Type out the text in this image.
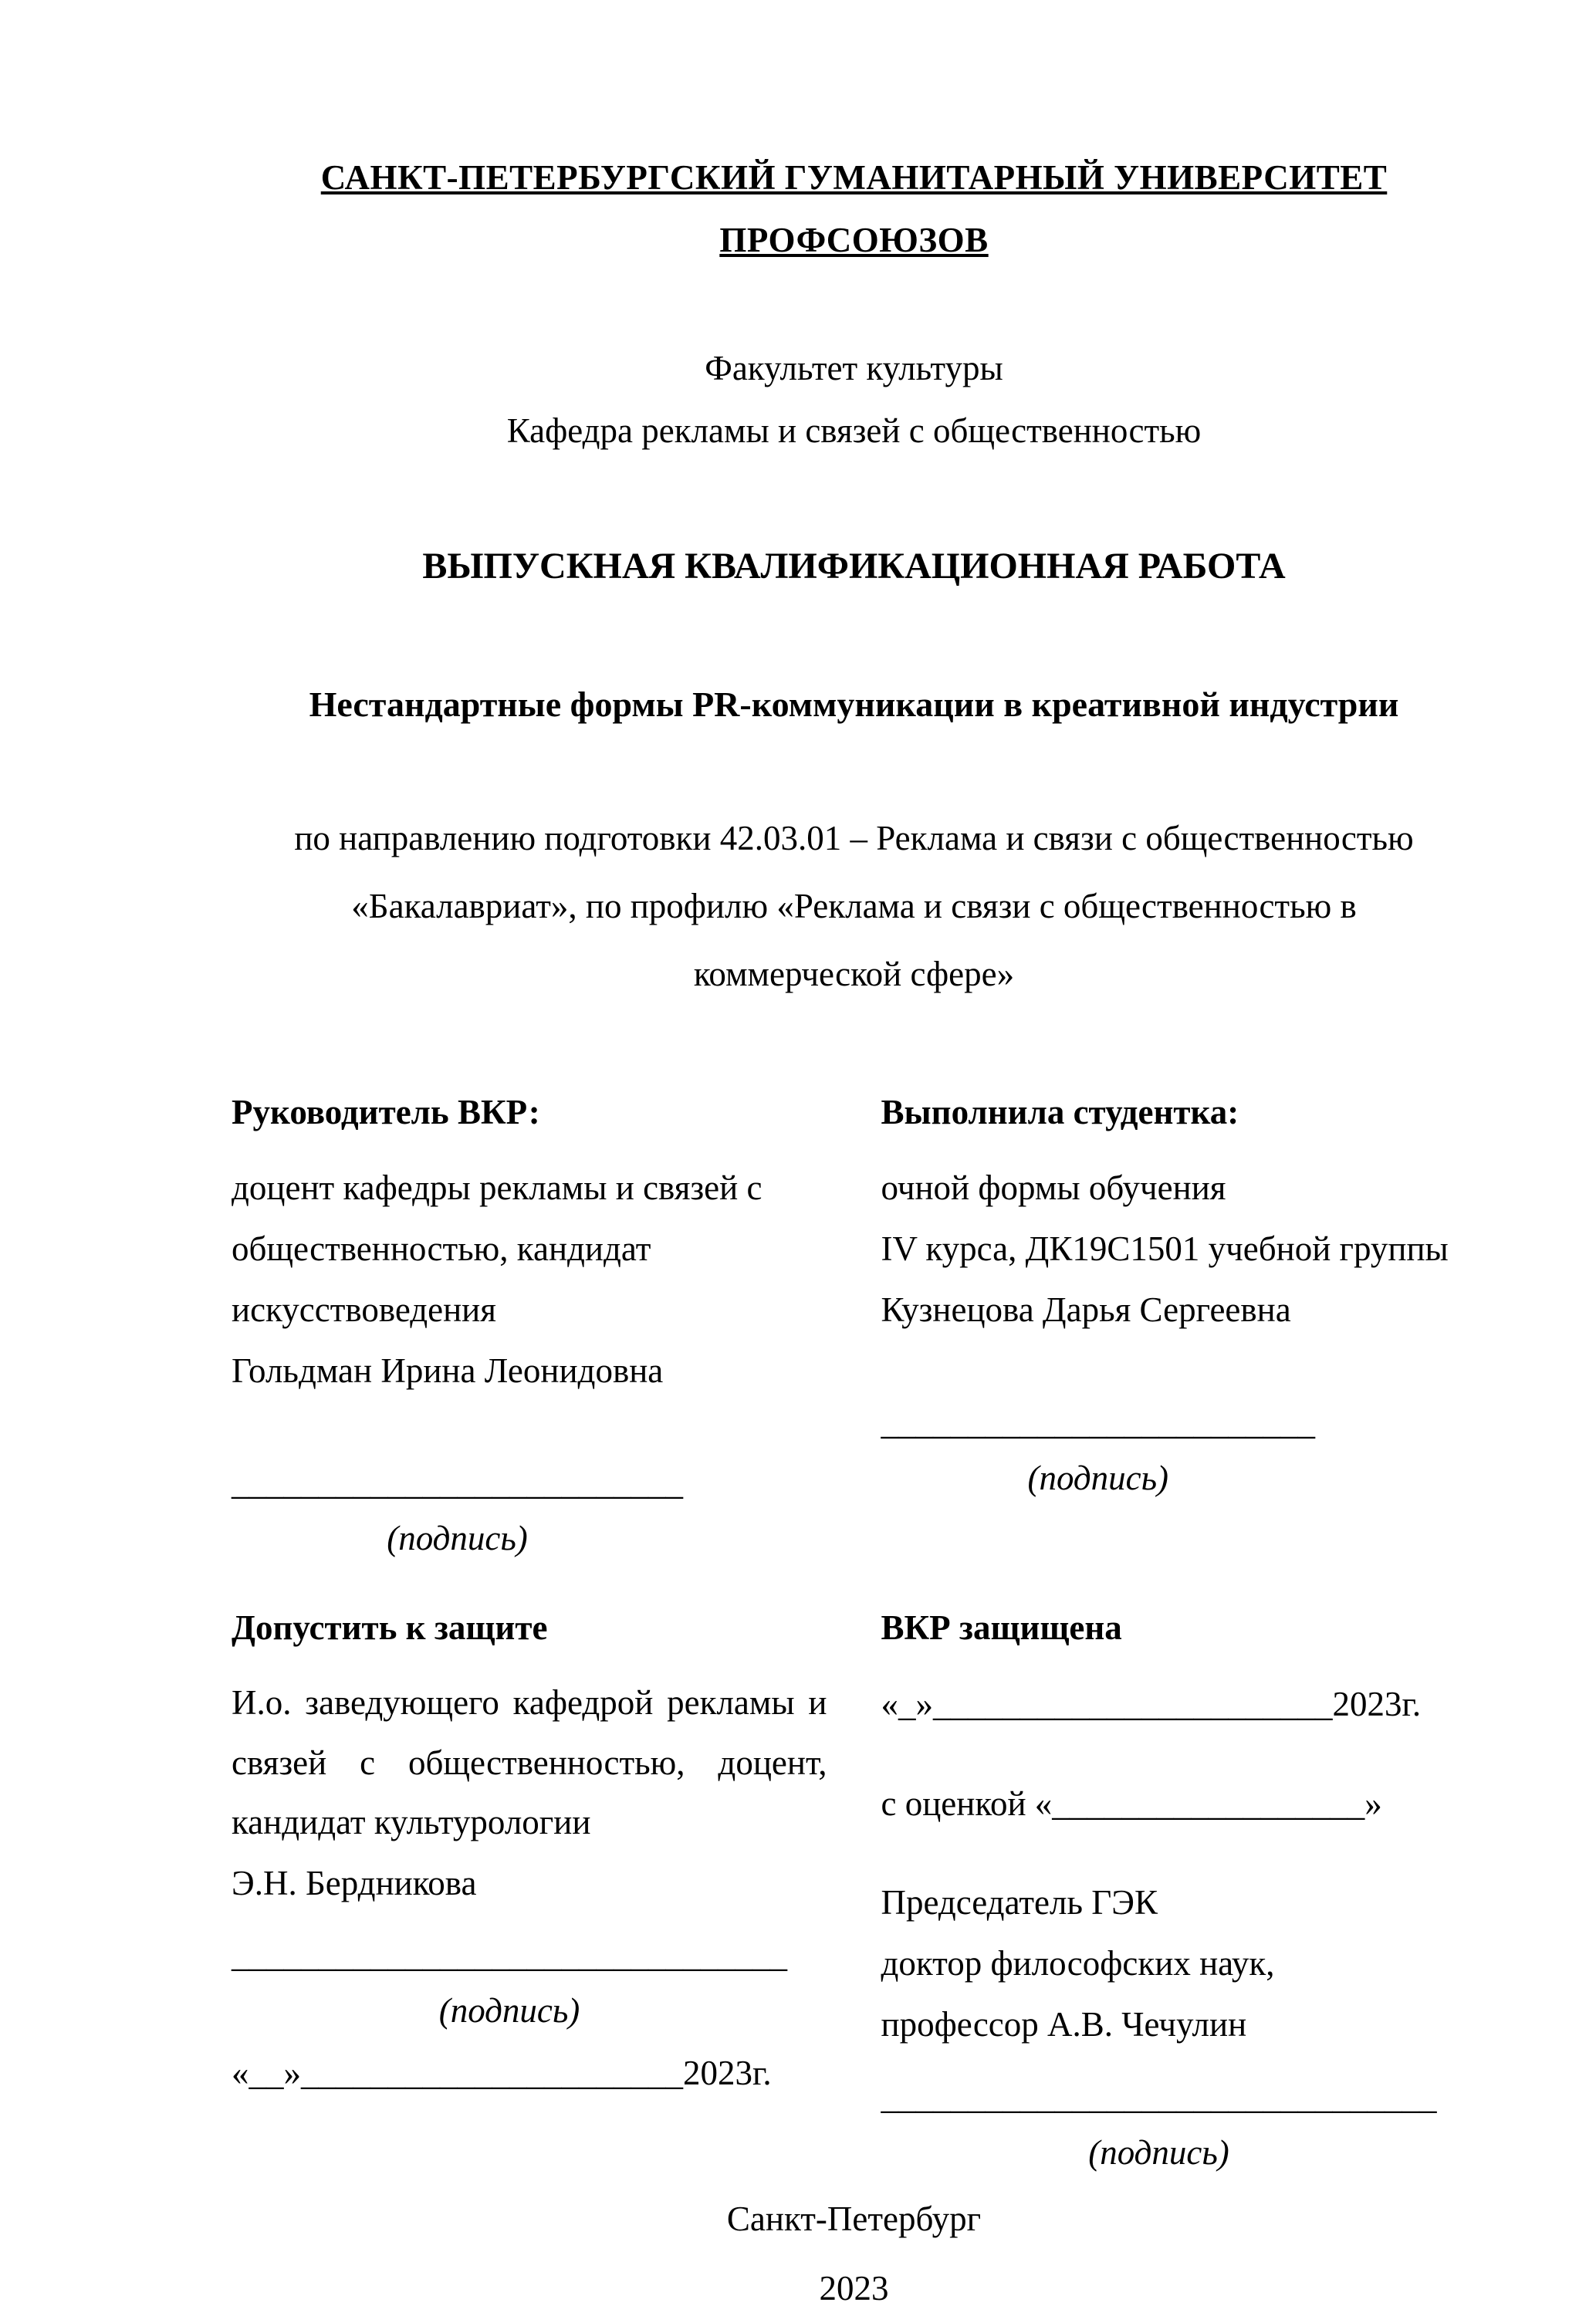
САНКТ-ПЕТЕРБУРГСКИЙ ГУМАНИТАРНЫЙ УНИВЕРСИТЕТ ПРОФСОЮЗОВ
Факультет культуры
Кафедра рекламы и связей с общественностью
ВЫПУСКНАЯ КВАЛИФИКАЦИОННАЯ РАБОТА
Нестандартные формы PR-коммуникации в креативной индустрии
по направлению подготовки 42.03.01 – Реклама и связи с общественностью
«Бакалавриат», по профилю «Реклама и связи с общественностью в
коммерческой сфере»
Руководитель ВКР:
доцент кафедры рекламы и связей с общественностью, кандидат искусствоведения
Гольдман Ирина Леонидовна
__________________________
(подпись)
Выполнила студентка:
очной формы обучения
IV курса, ДК19С1501 учебной группы
Кузнецова Дарья Сергеевна
_________________________
(подпись)
Допустить к защите
И.о. заведующего кафедрой рекламы и связей с общественностью, доцент, кандидат культурологии
Э.Н. Бердникова
________________________________
(подпись)
«__»______________________2023г.
ВКР защищена
«_»_______________________2023г.
с оценкой «__________________»
Председатель ГЭК
доктор философских наук,
профессор А.В. Чечулин
________________________________
(подпись)
Санкт-Петербург
2023
